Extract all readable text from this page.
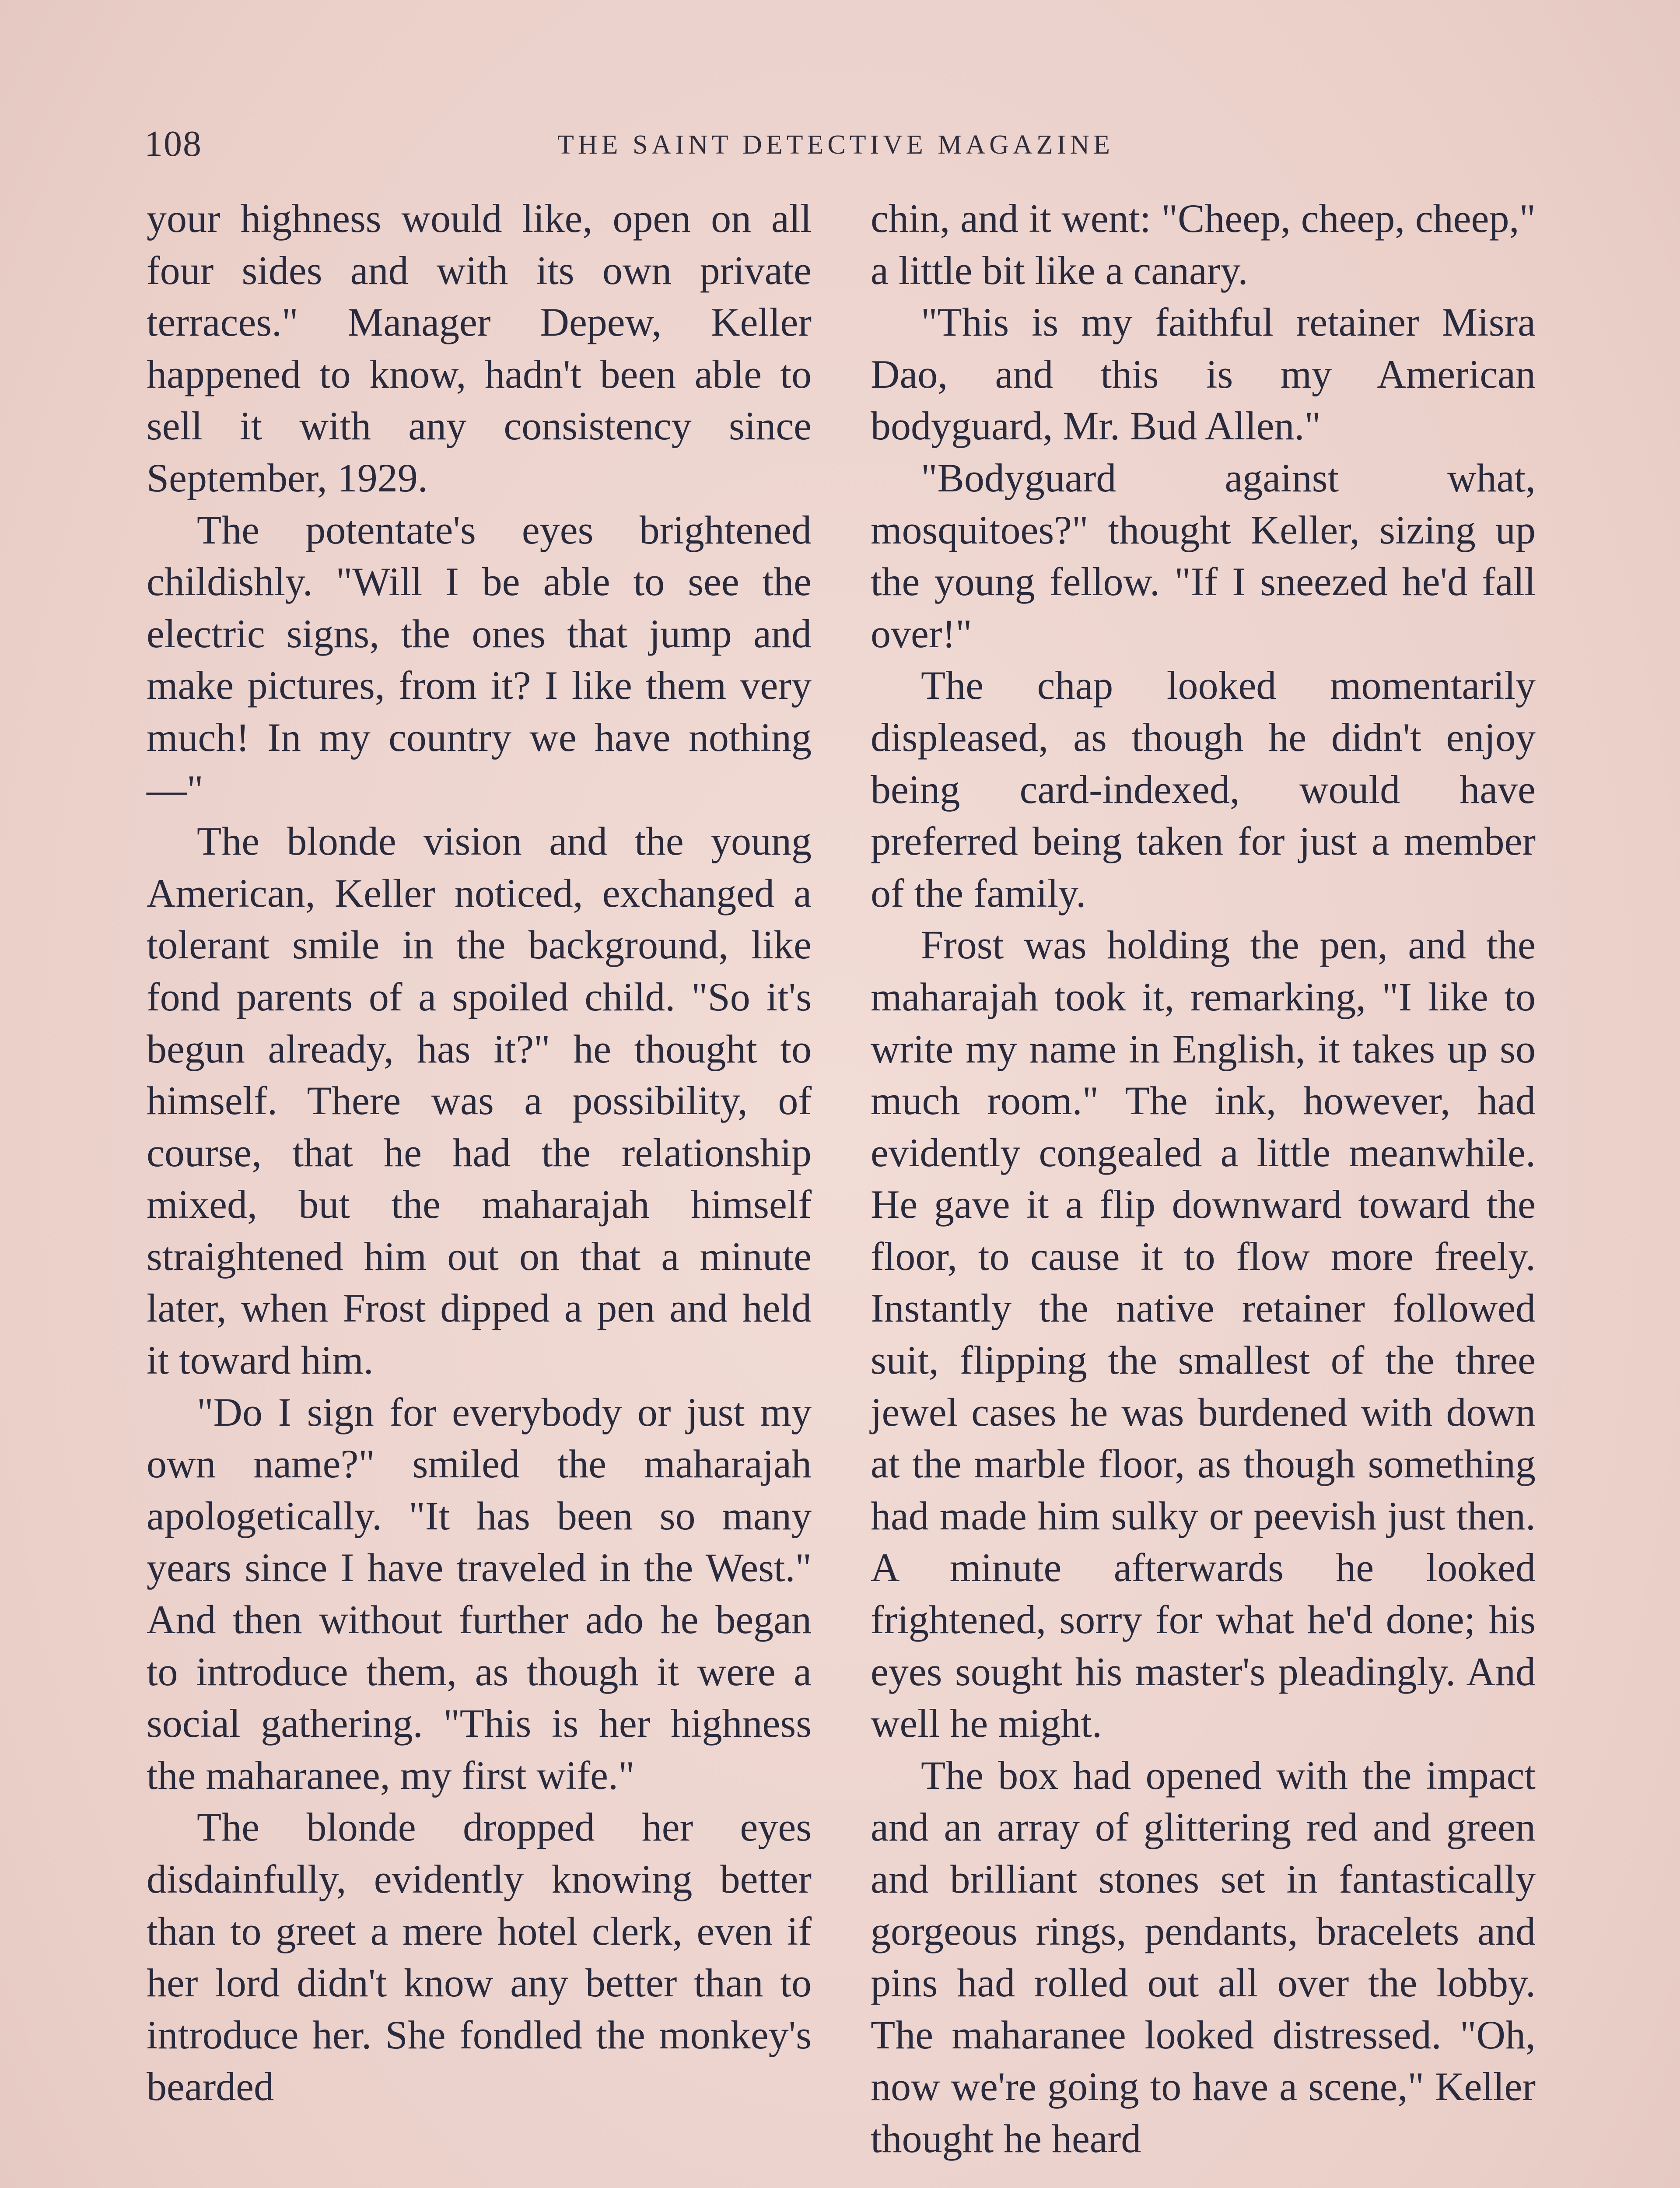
108	THE SAINT DETECTIVE MAGAZINE

your highness would like, open on all four sides and with its own private terraces." Manager Depew, Keller happened to know, hadn't been able to sell it with any consistency since September, 1929.

The potentate's eyes brightened childishly. "Will I be able to see the electric signs, the ones that jump and make pictures, from it? I like them very much! In my country we have nothing—"

The blonde vision and the young American, Keller noticed, exchanged a tolerant smile in the background, like fond parents of a spoiled child. "So it's begun already, has it?" he thought to himself. There was a possibility, of course, that he had the relationship mixed, but the maharajah himself straightened him out on that a minute later, when Frost dipped a pen and held it toward him.

"Do I sign for everybody or just my own name?" smiled the maharajah apologetically. "It has been so many years since I have traveled in the West." And then without further ado he began to introduce them, as though it were a social gathering. "This is her highness the maharanee, my first wife."

The blonde dropped her eyes disdainfully, evidently knowing better than to greet a mere hotel clerk, even if her lord didn't know any better than to introduce her. She fondled the monkey's bearded

chin, and it went: "Cheep, cheep, cheep," a little bit like a canary.

"This is my faithful retainer Misra Dao, and this is my American bodyguard, Mr. Bud Allen."

"Bodyguard against what, mosquitoes?" thought Keller, sizing up the young fellow. "If I sneezed he'd fall over!"

The chap looked momentarily displeased, as though he didn't enjoy being card-indexed, would have preferred being taken for just a member of the family.

Frost was holding the pen, and the maharajah took it, remarking, "I like to write my name in English, it takes up so much room." The ink, however, had evidently congealed a little meanwhile. He gave it a flip downward toward the floor, to cause it to flow more freely. Instantly the native retainer followed suit, flipping the smallest of the three jewel cases he was burdened with down at the marble floor, as though something had made him sulky or peevish just then. A minute afterwards he looked frightened, sorry for what he'd done; his eyes sought his master's pleadingly. And well he might.

The box had opened with the impact and an array of glittering red and green and brilliant stones set in fantastically gorgeous rings, pendants, bracelets and pins had rolled out all over the lobby. The maharanee looked distressed. "Oh, now we're going to have a scene," Keller thought he heard
